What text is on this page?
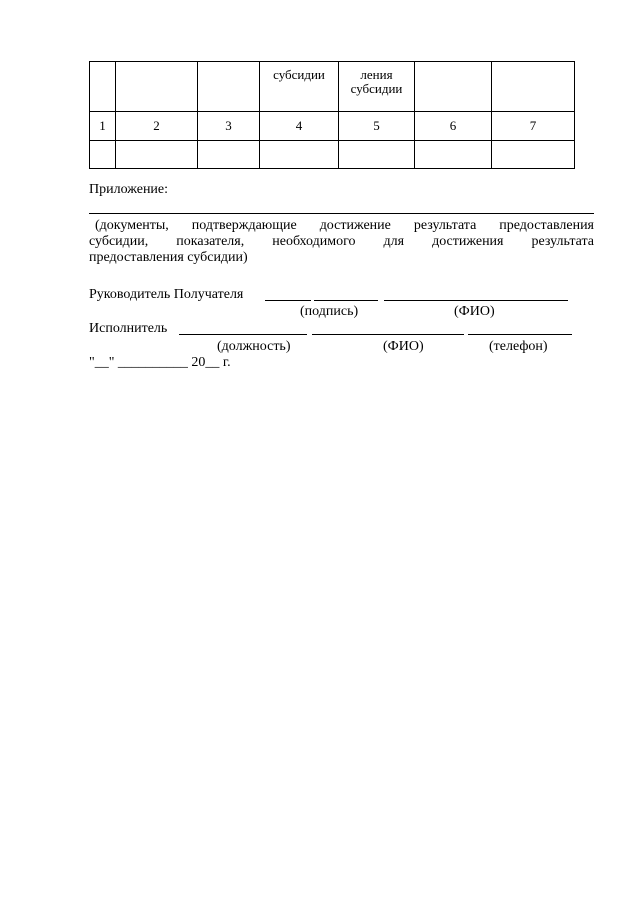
			субсидии	ления
субсидии		
1	2	3	4	5	6	7

Приложение:
(документы, подтверждающие достижение результата предоставления
субсидии, показателя, необходимого для достижения результата
предоставления субсидии)
Руководитель Получателя
(подпись)	(ФИО)
Исполнитель
(должность)	(ФИО)	(телефон)
"__" __________ 20__ г.
